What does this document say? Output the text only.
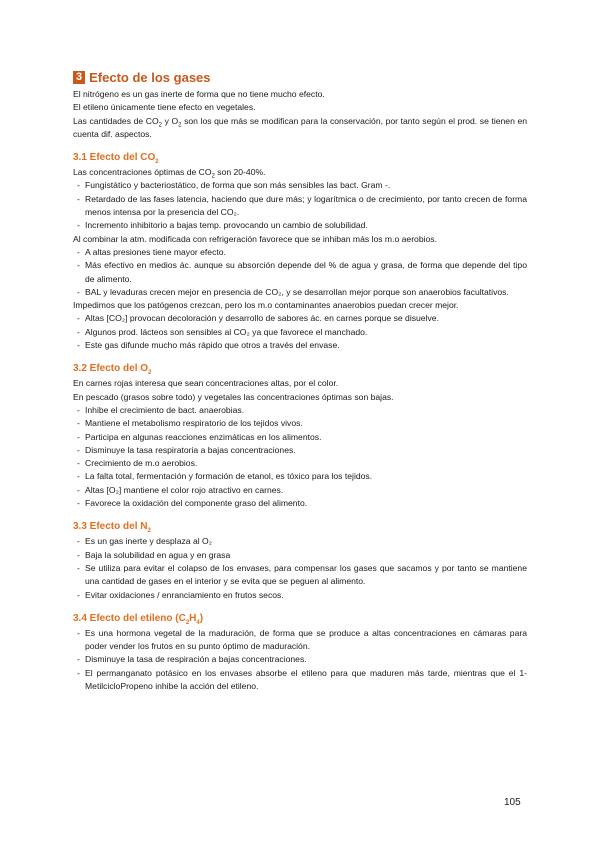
3 Efecto de los gases

El nitrógeno es un gas inerte de forma que no tiene mucho efecto.

El etileno únicamente tiene efecto en vegetales.

Las cantidades de $CO_2$ y $O_2$ son los que más se modifican para la conservación, por tanto según el prod. se tienen en cuenta dif. aspectos.

3.1 Efecto del $CO_2$

Las concentraciones óptimas de $CO_2$ son 20-40%.

- Fungistático y bacteriostático, de forma que son más sensibles las bact. Gram -.
- Retardado de las fases latencia, haciendo que dure más; y logarítmica o de crecimiento, por tanto crecen de forma menos intensa por la presencia del CO₂.
- Incremento inhibitorio a bajas temp. provocando un cambio de solubilidad.

Al combinar la atm. modificada con refrigeración favorece que se inhiban más los m.o aerobios.

- A altas presiones tiene mayor efecto.
- Más efectivo en medios ác. aunque su absorción depende del % de agua y grasa, de forma que depende del tipo de alimento.
- BAL y levaduras crecen mejor en presencia de CO₂, y se desarrollan mejor porque son anaerobios facultativos.

Impedimos que los patógenos crezcan, pero los m.o contaminantes anaerobios puedan crecer mejor.

- Altas [CO₂] provocan decoloración y desarrollo de sabores ác. en carnes porque se disuelve.
- Algunos prod. lácteos son sensibles al CO₂ ya que favorece el manchado.
- Este gas difunde mucho más rápido que otros a través del envase.
3.2 Efecto del $O_2$

En carnes rojas interesa que sean concentraciones altas, por el color.

En pescado (grasos sobre todo) y vegetales las concentraciones óptimas son bajas.

- Inhibe el crecimiento de bact. anaerobias.
- Mantiene el metabolismo respiratorio de los tejidos vivos.
- Participa en algunas reacciones enzimáticas en los alimentos.
- Disminuye la tasa respiratoria a bajas concentraciones.
- Crecimiento de m.o aerobios.
- La falta total, fermentación y formación de etanol, es tóxico para los tejidos.
- Altas [O₂] mantiene el color rojo atractivo en carnes.
- Favorece la oxidación del componente graso del alimento.
3.3 Efecto del $N_2$
- Es un gas inerte y desplaza al O₂
- Baja la solubilidad en agua y en grasa
- Se utiliza para evitar el colapso de los envases, para compensar los gases que sacamos y por tanto se mantiene una cantidad de gases en el interior y se evita que se peguen al alimento.
- Evitar oxidaciones / enranciamiento en frutos secos.
3.4 Efecto del etileno $(C_2H_4)$
- Es una hormona vegetal de la maduración, de forma que se produce a altas concentraciones en cámaras para poder vender los frutos en su punto óptimo de maduración.
- Disminuye la tasa de respiración a bajas concentraciones.
- El permanganato potásico en los envases absorbe el etileno para que maduren más tarde, mientras que el 1-MetilcicloPropeno inhibe la acción del etileno.
105
